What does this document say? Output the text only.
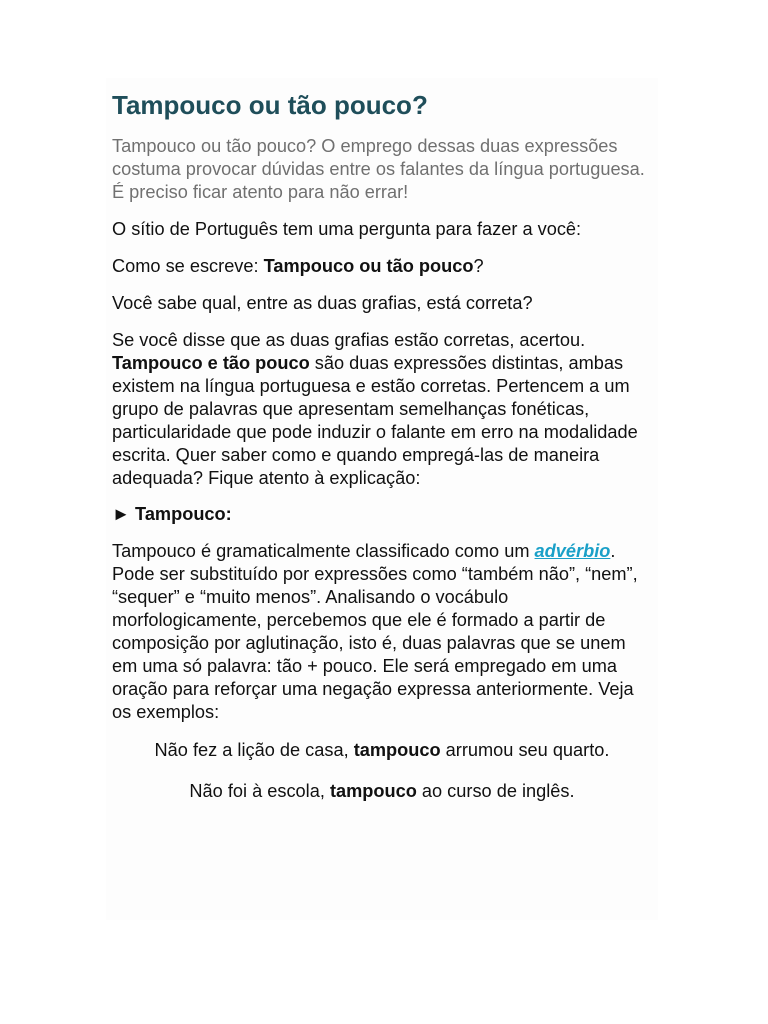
Tampouco ou tão pouco?

Tampouco ou tão pouco? O emprego dessas duas expressões costuma provocar dúvidas entre os falantes da língua portuguesa. É preciso ficar atento para não errar!

O sítio de Português tem uma pergunta para fazer a você:

Como se escreve: Tampouco ou tão pouco?

Você sabe qual, entre as duas grafias, está correta?

Se você disse que as duas grafias estão corretas, acertou. Tampouco e tão pouco são duas expressões distintas, ambas existem na língua portuguesa e estão corretas. Pertencem a um grupo de palavras que apresentam semelhanças fonéticas, particularidade que pode induzir o falante em erro na modalidade escrita. Quer saber como e quando empregá-las de maneira adequada? Fique atento à explicação:

► Tampouco:

Tampouco é gramaticalmente classificado como um advérbio. Pode ser substituído por expressões como “também não”, “nem”, “sequer” e “muito menos”. Analisando o vocábulo morfologicamente, percebemos que ele é formado a partir de composição por aglutinação, isto é, duas palavras que se unem em uma só palavra: tão + pouco. Ele será empregado em uma oração para reforçar uma negação expressa anteriormente. Veja os exemplos:

Não fez a lição de casa, tampouco arrumou seu quarto.

Não foi à escola, tampouco ao curso de inglês.
